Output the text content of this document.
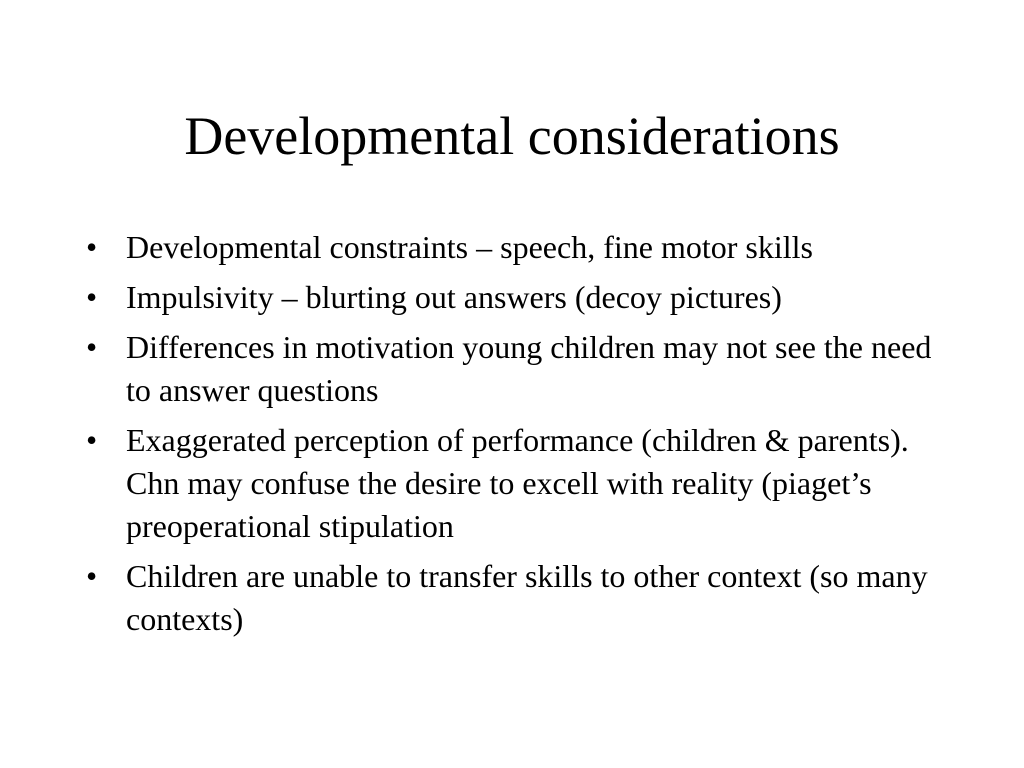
Developmental considerations
• Developmental constraints – speech, fine motor skills
• Impulsivity – blurting out answers (decoy pictures)
• Differences in motivation young children may not see the need to answer questions
• Exaggerated perception of performance (children & parents). Chn may confuse the desire to excell with reality (piaget’s preoperational stipulation
• Children are unable to transfer skills to other context (so many contexts)
